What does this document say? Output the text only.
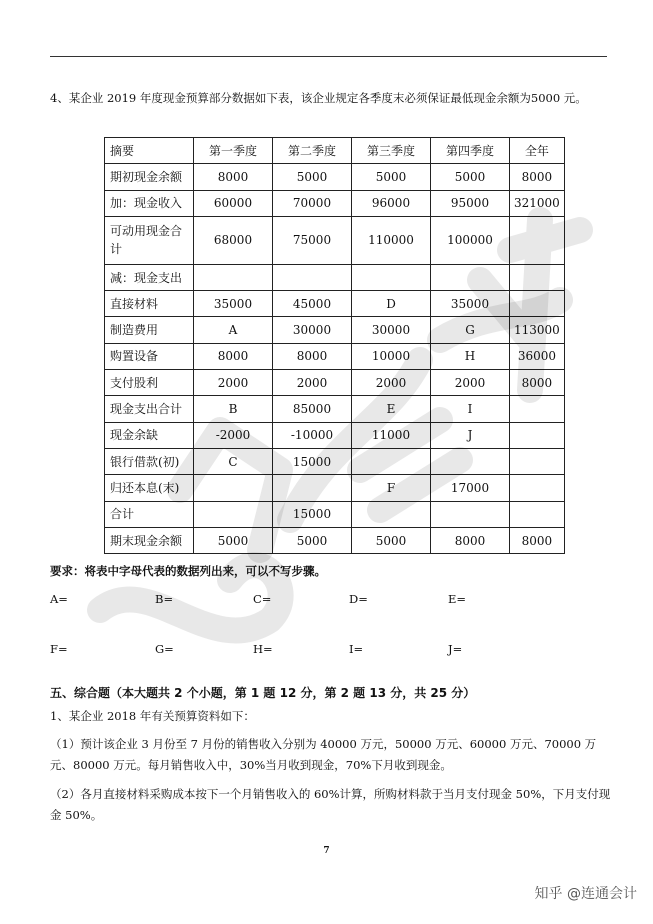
4、某企业 2019 年度现金预算部分数据如下表，该企业规定各季度末必须保证最低现金余额为5000 元。
摘要	第一季度	第二季度	第三季度	第四季度	全年
期初现金余额	8000	5000	5000	5000	8000
加：现金收入	60000	70000	96000	95000	321000
可动用现金合计	68000	75000	110000	100000	
减：现金支出					
直接材料	35000	45000	D	35000	
制造费用	A	30000	30000	G	113000
购置设备	8000	8000	10000	H	36000
支付股利	2000	2000	2000	2000	8000
现金支出合计	B	85000	E	I	
现金余缺	-2000	-10000	11000	J	
银行借款(初)	C	15000			
归还本息(末)			F	17000	
合计		15000			
期末现金余额	5000	5000	5000	8000	8000
要求：将表中字母代表的数据列出来，可以不写步骤。
A=	B=	C=	D=	E=
F=	G=	H=	I=	J=
五、综合题（本大题共 2 个小题，第 1 题 12 分，第 2 题 13 分，共 25 分）
1、某企业 2018 年有关预算资料如下：
（1）预计该企业 3 月份至 7 月份的销售收入分别为 40000 万元，50000 万元、60000 万元、70000 万元、80000 万元。每月销售收入中，30%当月收到现金，70%下月收到现金。
（2）各月直接材料采购成本按下一个月销售收入的 60%计算，所购材料款于当月支付现金 50%，下月支付现金 50%。
7
知乎 @连通会计
